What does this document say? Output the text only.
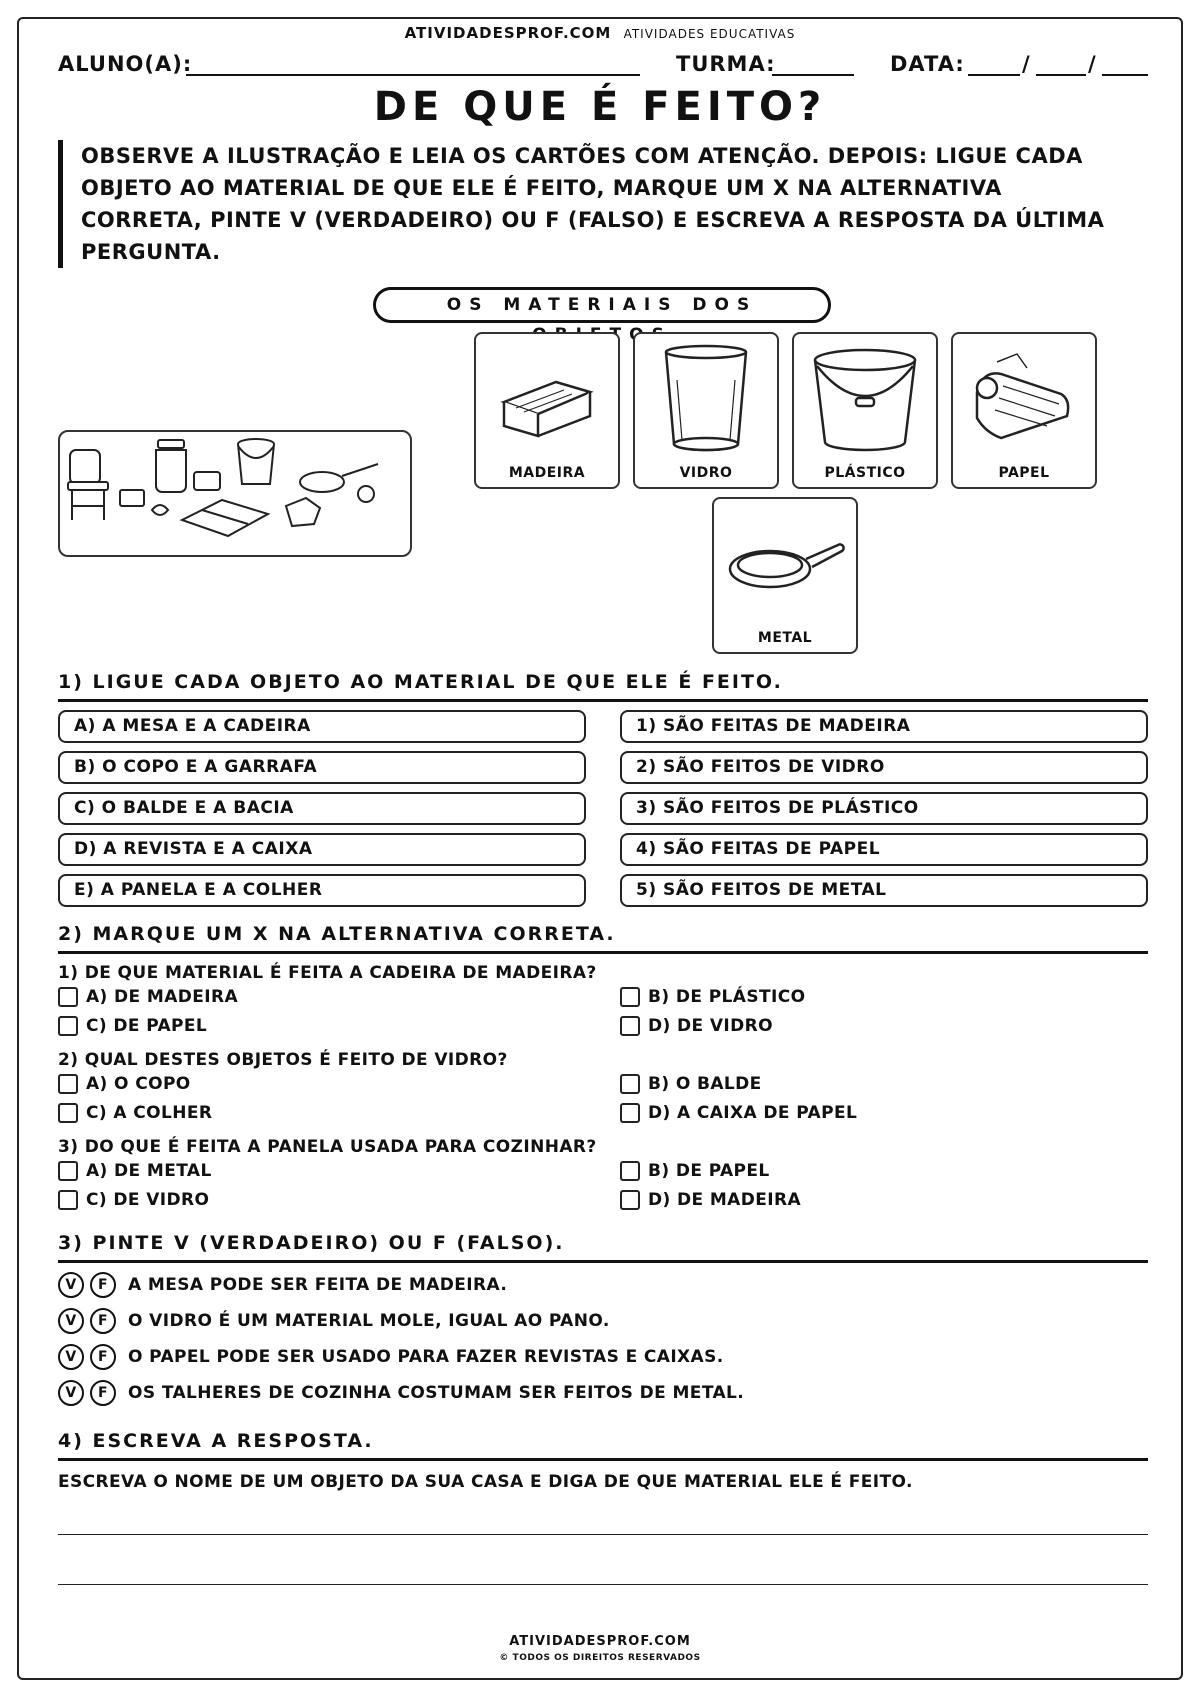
ATIVIDADESPROF.COM ATIVIDADES EDUCATIVAS
ALUNO(A):	TURMA:	DATA:	/	/
DE QUE É FEITO?
OBSERVE A ILUSTRAÇÃO E LEIA OS CARTÕES COM ATENÇÃO. DEPOIS: LIGUE CADA OBJETO AO MATERIAL DE QUE ELE É FEITO, MARQUE UM X NA ALTERNATIVA CORRETA, PINTE V (VERDADEIRO) OU F (FALSO) E ESCREVA A RESPOSTA DA ÚLTIMA PERGUNTA.
OS MATERIAIS DOS
MADEIRA	VIDRO	PLÁSTICO	PAPEL
METAL
1) LIGUE CADA OBJETO AO MATERIAL DE QUE ELE É FEITO.
A) A MESA E A CADEIRA
B) O COPO E A GARRAFA
C) O BALDE E A BACIA
D) A REVISTA E A CAIXA
E) A PANELA E A COLHER
1) SÃO FEITAS DE MADEIRA
2) SÃO FEITOS DE VIDRO
3) SÃO FEITOS DE PLÁSTICO
4) SÃO FEITAS DE PAPEL
5) SÃO FEITOS DE METAL
2) MARQUE UM X NA ALTERNATIVA CORRETA.
1) DE QUE MATERIAL É FEITA A CADEIRA DE MADEIRA?
A) DE MADEIRA	B) DE PLÁSTICO
C) DE PAPEL	D) DE VIDRO
2) QUAL DESTES OBJETOS É FEITO DE VIDRO?
A) O COPO	B) O BALDE
C) A COLHER	D) A CAIXA DE PAPEL
3) DO QUE É FEITA A PANELA USADA PARA COZINHAR?
A) DE METAL	B) DE PAPEL
C) DE VIDRO	D) DE MADEIRA
3) PINTE V (VERDADEIRO) OU F (FALSO).
V	F	A MESA PODE SER FEITA DE MADEIRA.
V	F	O VIDRO É UM MATERIAL MOLE, IGUAL AO PANO.
V	F	O PAPEL PODE SER USADO PARA FAZER REVISTAS E CAIXAS.
V	F	OS TALHERES DE COZINHA COSTUMAM SER FEITOS DE METAL.
4) ESCREVA A RESPOSTA.
ESCREVA O NOME DE UM OBJETO DA SUA CASA E DIGA DE QUE MATERIAL ELE É FEITO.
ATIVIDADESPROF.COM
© TODOS OS DIREITOS RESERVADOS
